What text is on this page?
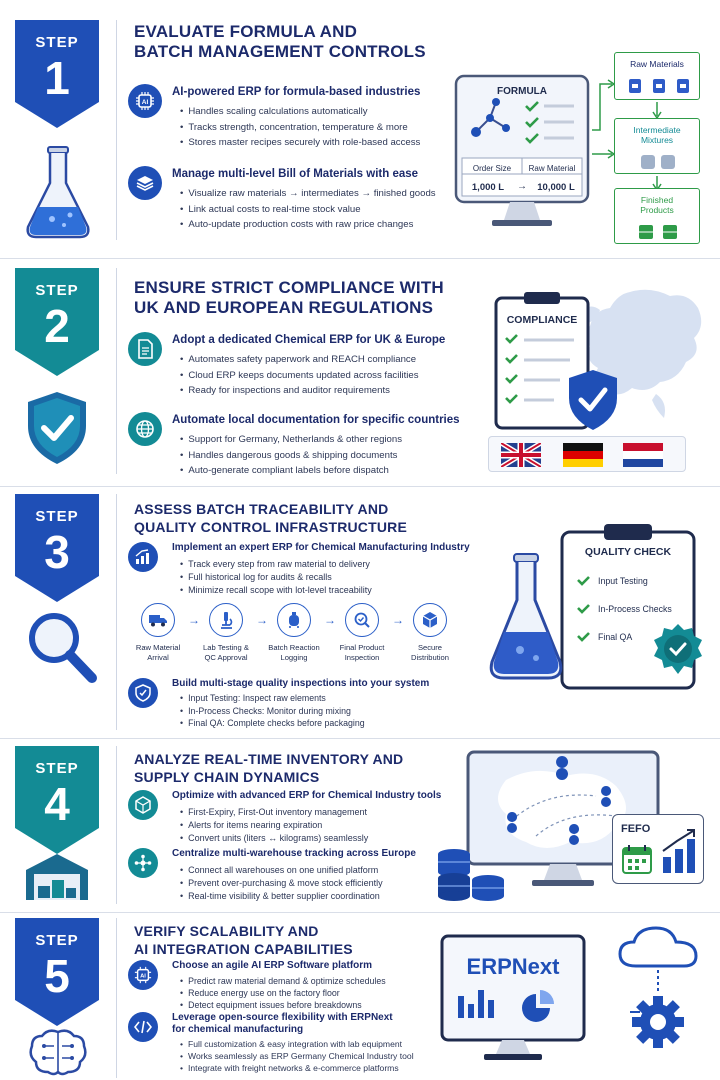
STEP
1
EVALUATE FORMULA AND
BATCH MANAGEMENT CONTROLS
AI
AI-powered ERP for formula-based industries
• Handles scaling calculations automatically
• Tracks strength, concentration, temperature & more
• Stores master recipes securely with role-based access
Manage multi-level Bill of Materials with ease
• Visualize raw materials → intermediates → finished goods
• Link actual costs to real-time stock value
• Auto-update production costs with raw price changes
FORMULA
Order Size	Raw Material
1,000 L	→	10,000 L
Raw Materials
Intermediate Mixtures
Finished Products
STEP
2
ENSURE STRICT COMPLIANCE WITH
UK AND EUROPEAN REGULATIONS
Adopt a dedicated Chemical ERP for UK & Europe
• Automates safety paperwork and REACH compliance
• Cloud ERP keeps documents updated across facilities
• Ready for inspections and auditor requirements
Automate local documentation for specific countries
• Support for Germany, Netherlands & other regions
• Handles dangerous goods & shipping documents
• Auto-generate compliant labels before dispatch
COMPLIANCE
STEP
3
ASSESS BATCH TRACEABILITY AND
QUALITY CONTROL INFRASTRUCTURE
Implement an expert ERP for Chemical Manufacturing Industry
• Track every step from raw material to delivery
• Full historical log for audits & recalls
• Minimize recall scope with lot-level traceability
Build multi-stage quality inspections into your system
• Input Testing: Inspect raw elements
• In-Process Checks: Monitor during mixing
• Final QA: Complete checks before packaging
QUALITY CHECK
Input Testing
In-Process Checks
Final QA
Raw Material
Arrival
→
Lab Testing &
QC Approval
→
Batch Reaction
Logging
→
Final Product
Inspection
→
Secure
Distribution
STEP
4
ANALYZE REAL-TIME INVENTORY AND
SUPPLY CHAIN DYNAMICS
Optimize with advanced ERP for Chemical Industry tools
• First-Expiry, First-Out inventory management
• Alerts for items nearing expiration
• Convert units (liters ↔ kilograms) seamlessly
Centralize multi-warehouse tracking across Europe
• Connect all warehouses on one unified platform
• Prevent over-purchasing & move stock efficiently
• Real-time visibility & better supplier coordination
FEFO
STEP
5
VERIFY SCALABILITY AND
AI INTEGRATION CAPABILITIES
AI
Choose an agile AI ERP Software platform
• Predict raw material demand & optimize schedules
• Reduce energy use on the factory floor
• Detect equipment issues before breakdowns
Leverage open-source flexibility with ERPNext
for chemical manufacturing
• Full customization & easy integration with lab equipment
• Works seamlessly as ERP Germany Chemical Industry tool
• Integrate with freight networks & e-commerce platforms
ERPNext
